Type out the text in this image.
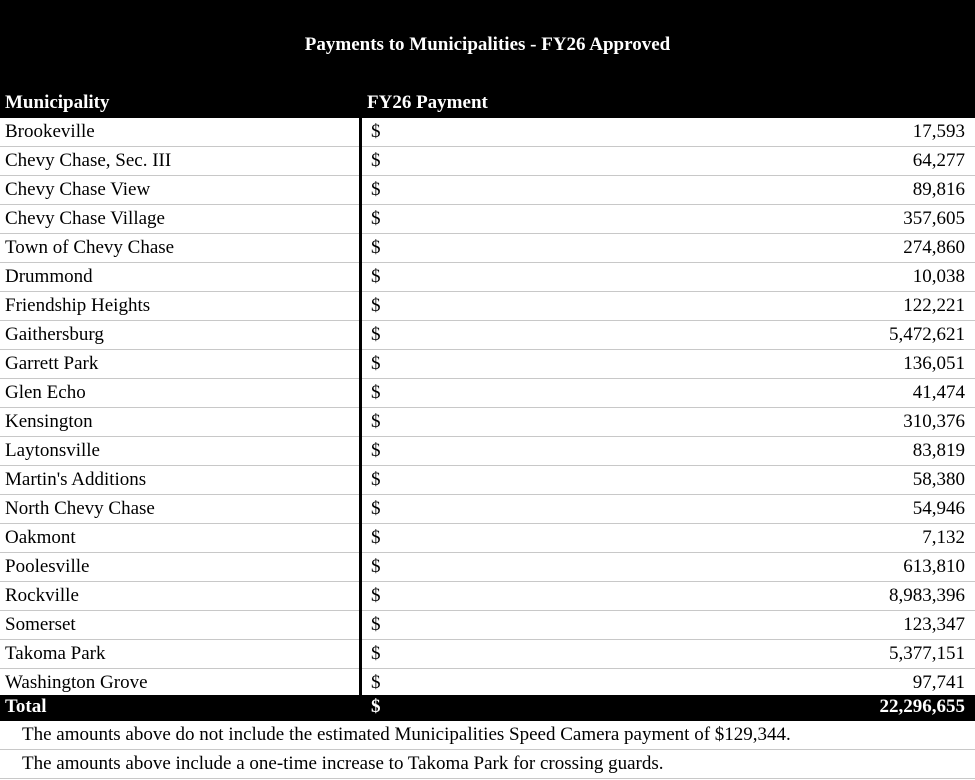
Payments to Municipalities - FY26 Approved
Municipality	FY26 Payment
Brookeville	$	17,593
Chevy Chase, Sec. III	$	64,277
Chevy Chase View	$	89,816
Chevy Chase Village	$	357,605
Town of Chevy Chase	$	274,860
Drummond	$	10,038
Friendship Heights	$	122,221
Gaithersburg	$	5,472,621
Garrett Park	$	136,051
Glen Echo	$	41,474
Kensington	$	310,376
Laytonsville	$	83,819
Martin's Additions	$	58,380
North Chevy Chase	$	54,946
Oakmont	$	7,132
Poolesville	$	613,810
Rockville	$	8,983,396
Somerset	$	123,347
Takoma Park	$	5,377,151
Washington Grove	$	97,741
Total	$	22,296,655
The amounts above do not include the estimated Municipalities Speed Camera payment of $129,344.
The amounts above include a one-time increase to Takoma Park for crossing guards.
